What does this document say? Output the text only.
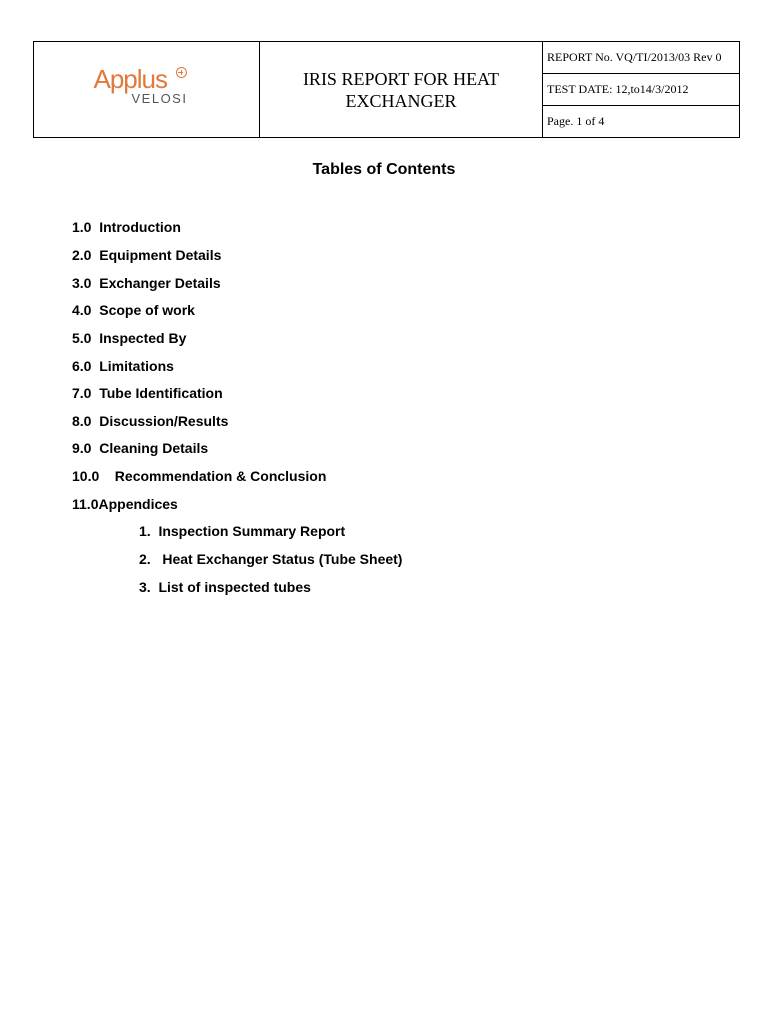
Applus
VELOSI
	IRIS REPORT FOR HEAT EXCHANGER	REPORT No. VQ/TI/2013/03 Rev 0
TEST DATE: 12,to14/3/2012
Page. 1 of 4
Tables of Contents
1.0  Introduction
2.0  Equipment Details
3.0  Exchanger Details
4.0  Scope of work
5.0  Inspected By
6.0  Limitations
7.0  Tube Identification
8.0  Discussion/Results
9.0  Cleaning Details
10.0    Recommendation & Conclusion
11.0Appendices
1.  Inspection Summary Report
2.   Heat Exchanger Status (Tube Sheet)
3.  List of inspected tubes
